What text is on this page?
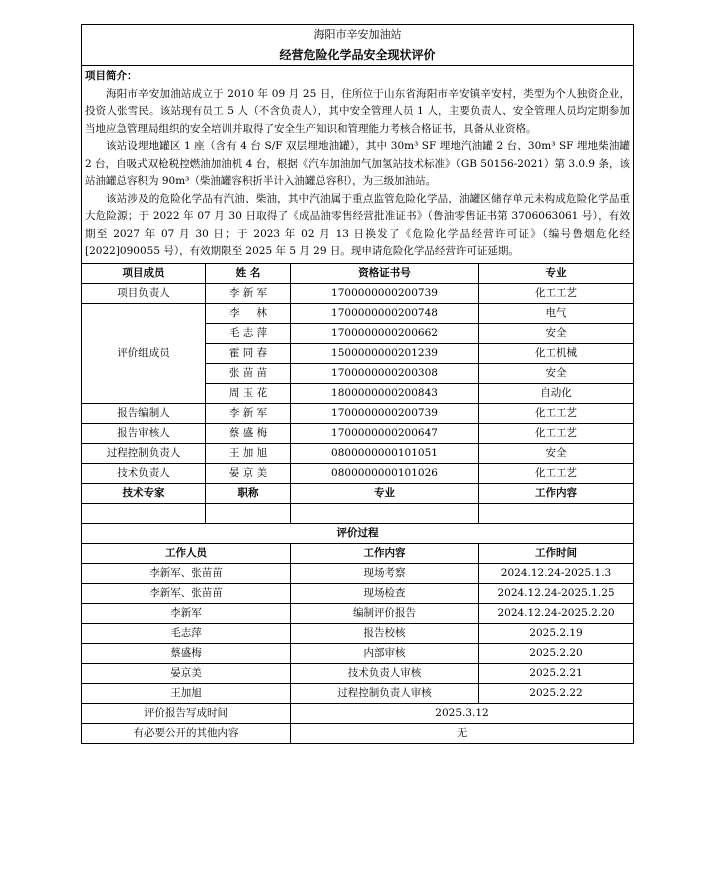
海阳市辛安加油站			
经营危险化学品安全现状评价			

项目简介：

海阳市辛安加油站成立于 2010 年 09 月 25 日，住所位于山东省海阳市辛安镇辛安村，类型为个人独资企业，投资人张雪民。该站现有员工 5 人（不含负责人），其中安全管理人员 1 人，主要负责人、安全管理人员均定期参加当地应急管理局组织的安全培训并取得了安全生产知识和管理能力考核合格证书，具备从业资格。

该站设埋地罐区 1 座（含有 4 台 S/F 双层埋地油罐），其中 30m³ SF 埋地汽油罐 2 台、30m³ SF 埋地柴油罐 2 台，自吸式双枪税控燃油加油机 4 台，根据《汽车加油加气加氢站技术标准》（GB 50156-2021）第 3.0.9 条，该站油罐总容积为 90m³（柴油罐容积折半计入油罐总容积），为三级加油站。

该站涉及的危险化学品有汽油、柴油，其中汽油属于重点监管危险化学品，油罐区储存单元未构成危险化学品重大危险源；于 2022 年 07 月 30 日取得了《成品油零售经营批准证书》（鲁油零售证书第 3706063061 号），有效期至 2027 年 07 月 30 日；于 2023 年 02 月 13 日换发了《危险化学品经营许可证》（编号鲁烟危化经[2022]090055 号），有效期限至 2025 年 5 月 29 日。现申请危险化学品经营许可证延期。			

项目成员	姓 名	资格证书号	专业
项目负责人	李 新 军	1700000000200739	化工工艺
评价组成员	李     林	1700000000200748	电气
	毛 志 萍	1700000000200662	安全
	霍 同 春	1500000000201239	化工机械
	张 苗 苗	1700000000200308	安全
	周 玉 花	1800000000200843	自动化
报告编制人	李 新 军	1700000000200739	化工工艺
报告审核人	蔡 盛 梅	1700000000200647	化工工艺
过程控制负责人	王 加 旭	0800000000101051	安全
技术负责人	晏 京 美	0800000000101026	化工工艺
技术专家	职称	专业	工作内容

评价过程			
工作人员		工作内容	工作时间
李新军、张苗苗		现场考察	2024.12.24-2025.1.3
李新军、张苗苗		现场检查	2024.12.24-2025.1.25
李新军		编制评价报告	2024.12.24-2025.2.20
毛志萍		报告校核	2025.2.19
蔡盛梅		内部审核	2025.2.20
晏京美		技术负责人审核	2025.2.21
王加旭		过程控制负责人审核	2025.2.22
评价报告写成时间		2025.3.12	
有必要公开的其他内容		无	
